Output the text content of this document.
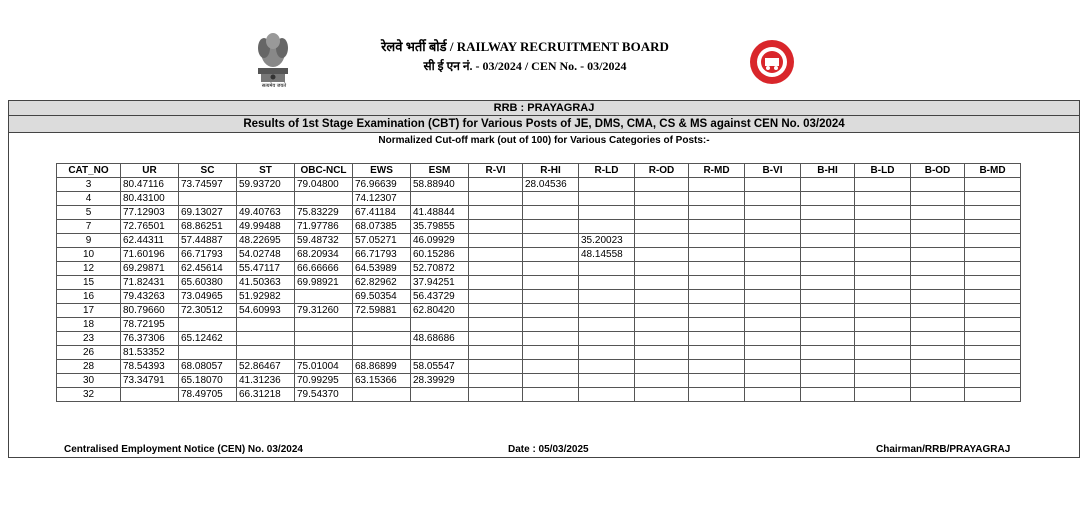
सत्यमेव जयते
रेलवे भर्ती बोर्ड / RAILWAY RECRUITMENT BOARD
सी ई एन नं. - 03/2024 / CEN No. - 03/2024
RRB : PRAYAGRAJ
Results of 1st Stage Examination (CBT) for Various Posts of JE, DMS, CMA, CS & MS against CEN No. 03/2024
Normalized Cut-off mark (out of 100) for Various Categories of Posts:-
CAT_NO	UR	SC	ST	OBC-NCL	EWS	ESM	R-VI	R-HI	R-LD	R-OD	R-MD	B-VI	B-HI	B-LD	B-OD	B-MD
3	80.47116	73.74597	59.93720	79.04800	76.96639	58.88940		28.04536								
4	80.43100				74.12307											
5	77.12903	69.13027	49.40763	75.83229	67.41184	41.48844										
7	72.76501	68.86251	49.99488	71.97786	68.07385	35.79855										
9	62.44311	57.44887	48.22695	59.48732	57.05271	46.09929			35.20023							
10	71.60196	66.71793	54.02748	68.20934	66.71793	60.15286			48.14558							
12	69.29871	62.45614	55.47117	66.66666	64.53989	52.70872										
15	71.82431	65.60380	41.50363	69.98921	62.82962	37.94251										
16	79.43263	73.04965	51.92982		69.50354	56.43729										
17	80.79660	72.30512	54.60993	79.31260	72.59881	62.80420										
18	78.72195															
23	76.37306	65.12462				48.68686										
26	81.53352															
28	78.54393	68.08057	52.86467	75.01004	68.86899	58.05547										
30	73.34791	65.18070	41.31236	70.99295	63.15366	28.39929										
32		78.49705	66.31218	79.54370												
Centralised Employment Notice (CEN) No. 03/2024	Date : 05/03/2025	Chairman/RRB/PRAYAGRAJ
